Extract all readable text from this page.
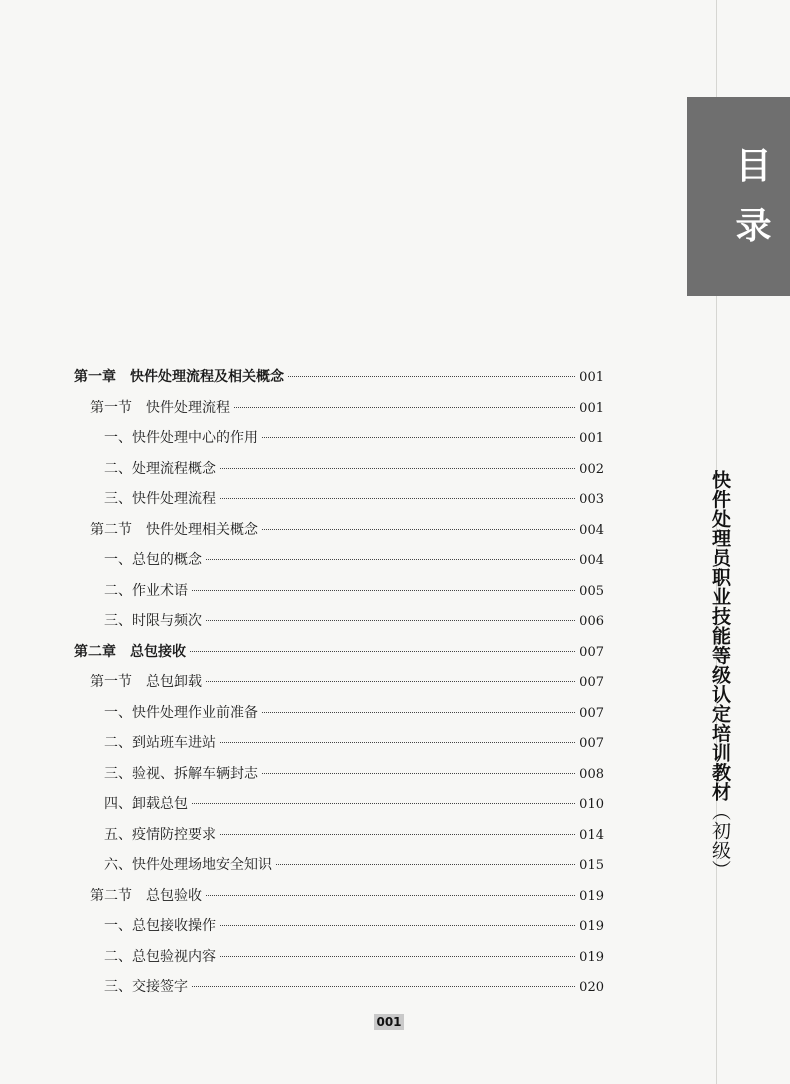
目
录
快件处理员职业技能等级认定培训教材（初级）
第一章　快件处理流程及相关概念	001
第一节　快件处理流程	001
一、快件处理中心的作用	001
二、处理流程概念	002
三、快件处理流程	003
第二节　快件处理相关概念	004
一、总包的概念	004
二、作业术语	005
三、时限与频次	006
第二章　总包接收	007
第一节　总包卸载	007
一、快件处理作业前准备	007
二、到站班车进站	007
三、验视、拆解车辆封志	008
四、卸载总包	010
五、疫情防控要求	014
六、快件处理场地安全知识	015
第二节　总包验收	019
一、总包接收操作	019
二、总包验视内容	019
三、交接签字	020
001
